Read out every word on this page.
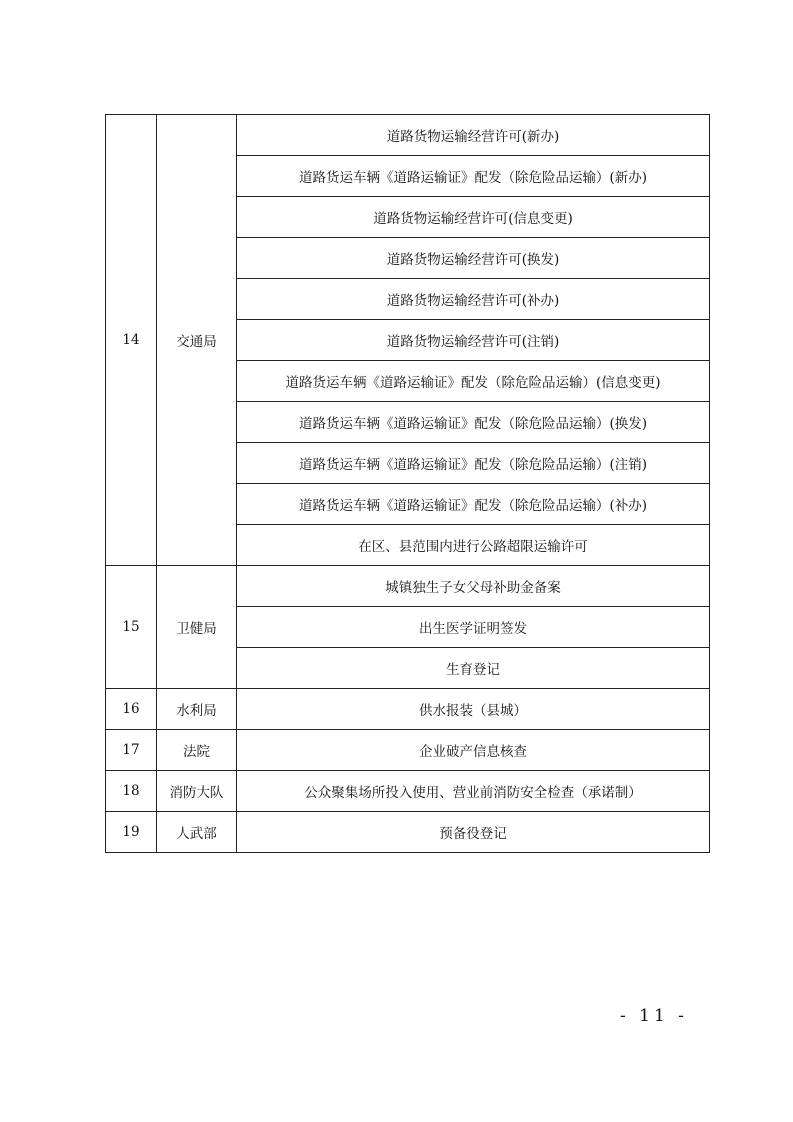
14	交通局	道路货物运输经营许可(新办)
		道路货运车辆《道路运输证》配发（除危险品运输）(新办)
		道路货物运输经营许可(信息变更)
		道路货物运输经营许可(换发)
		道路货物运输经营许可(补办)
		道路货物运输经营许可(注销)
		道路货运车辆《道路运输证》配发（除危险品运输）(信息变更)
		道路货运车辆《道路运输证》配发（除危险品运输）(换发)
		道路货运车辆《道路运输证》配发（除危险品运输）(注销)
		道路货运车辆《道路运输证》配发（除危险品运输）(补办)
		在区、县范围内进行公路超限运输许可
15	卫健局	城镇独生子女父母补助金备案
		出生医学证明签发
		生育登记
16	水利局	供水报装（县城）
17	法院	企业破产信息核查
18	消防大队	公众聚集场所投入使用、营业前消防安全检查（承诺制）
19	人武部	预备役登记
- 11 -
